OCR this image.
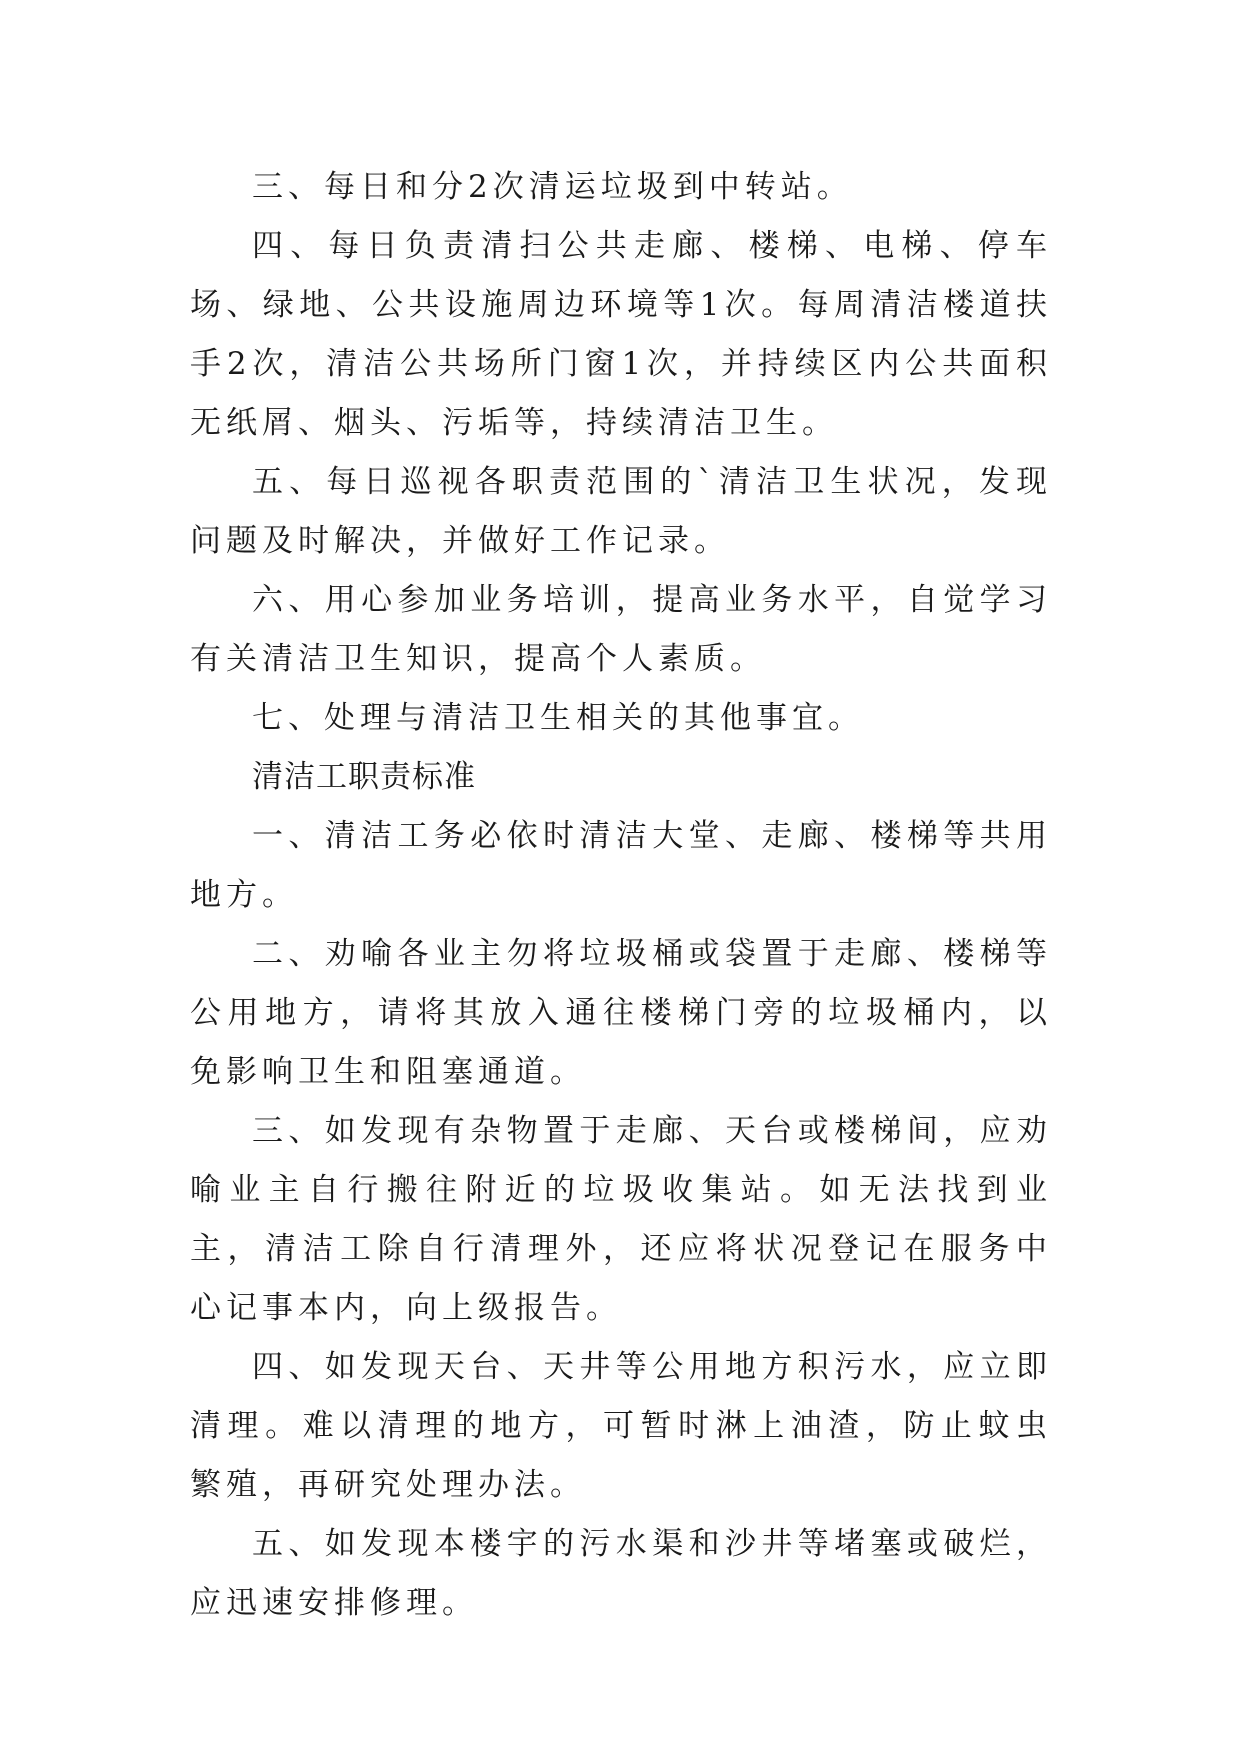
三、每日和分2次清运垃圾到中转站。

四、每日负责清扫公共走廊、楼梯、电梯、停车场、绿地、公共设施周边环境等1次。每周清洁楼道扶手2次，清洁公共场所门窗1次，并持续区内公共面积无纸屑、烟头、污垢等，持续清洁卫生。

五、每日巡视各职责范围的`清洁卫生状况，发现问题及时解决，并做好工作记录。

六、用心参加业务培训，提高业务水平，自觉学习有关清洁卫生知识，提高个人素质。

七、处理与清洁卫生相关的其他事宜。

清洁工职责标准

一、清洁工务必依时清洁大堂、走廊、楼梯等共用地方。

二、劝喻各业主勿将垃圾桶或袋置于走廊、楼梯等公用地方，请将其放入通往楼梯门旁的垃圾桶内，以免影响卫生和阻塞通道。

三、如发现有杂物置于走廊、天台或楼梯间，应劝喻业主自行搬往附近的垃圾收集站。如无法找到业主，清洁工除自行清理外，还应将状况登记在服务中心记事本内，向上级报告。

四、如发现天台、天井等公用地方积污水，应立即清理。难以清理的地方，可暂时淋上油渣，防止蚊虫繁殖，再研究处理办法。

五、如发现本楼宇的污水渠和沙井等堵塞或破烂，应迅速安排修理。
